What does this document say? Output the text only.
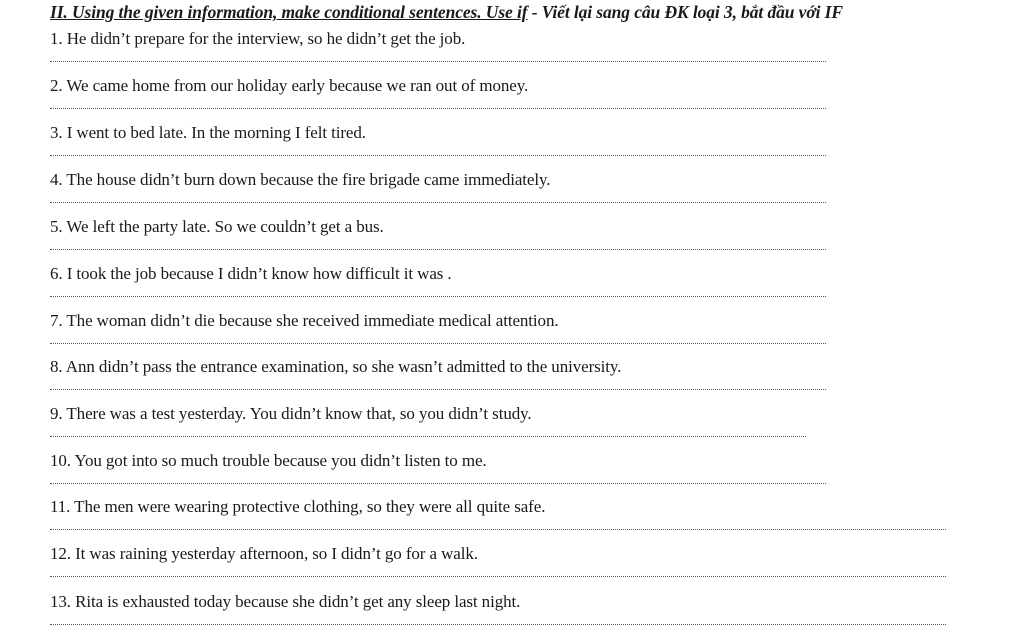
II. Using the given information, make conditional sentences. Use if - Viết lại sang câu ĐK loại 3, bắt đầu với IF
1. He didn’t prepare for the interview, so he didn’t get the job.
2. We came home from our holiday early because we ran out of money.
3. I went to bed late. In the morning I felt tired.
4. The house didn’t burn down because the fire brigade came immediately.
5. We left the party late. So we couldn’t get a bus.
6. I took the job because I didn’t know how difficult it was .
7. The woman didn’t die because she received immediate medical attention.
8. Ann didn’t pass the entrance examination, so she wasn’t admitted to the university.
9. There was a test yesterday. You didn’t know that, so you didn’t study.
10. You got into so much trouble because you didn’t listen to me.
11. The men were wearing protective clothing, so they were all quite safe.
12. It was raining yesterday afternoon, so I didn’t go for a walk.
13. Rita is exhausted today because she didn’t get any sleep last night.
